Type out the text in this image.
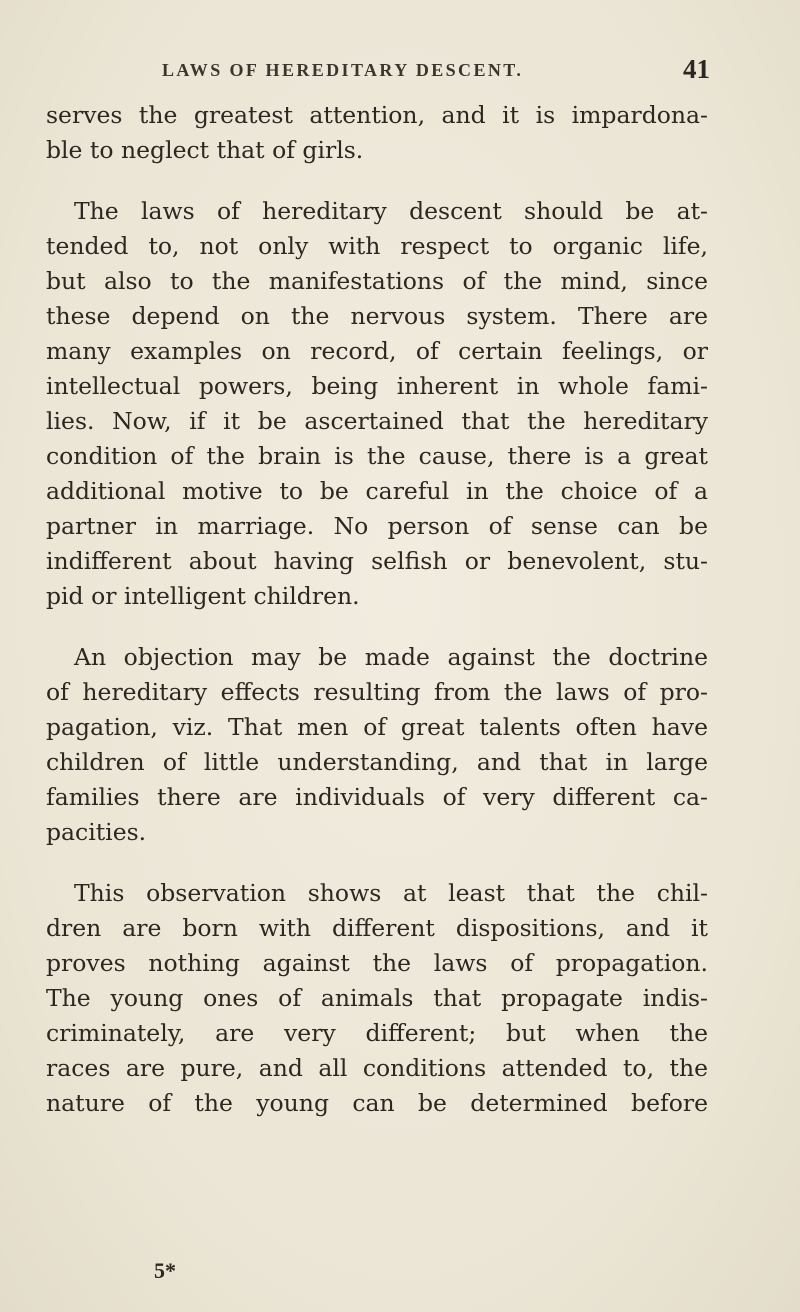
LAWS OF HEREDITARY DESCENT.	41

serves the greatest attention, and it is impardona-
ble to neglect that of girls.

The laws of hereditary descent should be at-
tended to, not only with respect to organic life,
but also to the manifestations of the mind, since
these depend on the nervous system. There are
many examples on record, of certain feelings, or
intellectual powers, being inherent in whole fami-
lies. Now, if it be ascertained that the hereditary
condition of the brain is the cause, there is a great
additional motive to be careful in the choice of a
partner in marriage. No person of sense can be
indifferent about having selfish or benevolent, stu-
pid or intelligent children.

An objection may be made against the doctrine
of hereditary effects resulting from the laws of pro-
pagation, viz. That men of great talents often have
children of little understanding, and that in large
families there are individuals of very different ca-
pacities.

This observation shows at least that the chil-
dren are born with different dispositions, and it
proves nothing against the laws of propagation.
The young ones of animals that propagate indis-
criminately, are very different; but when the
races are pure, and all conditions attended to, the
nature of the young can be determined before

5*
